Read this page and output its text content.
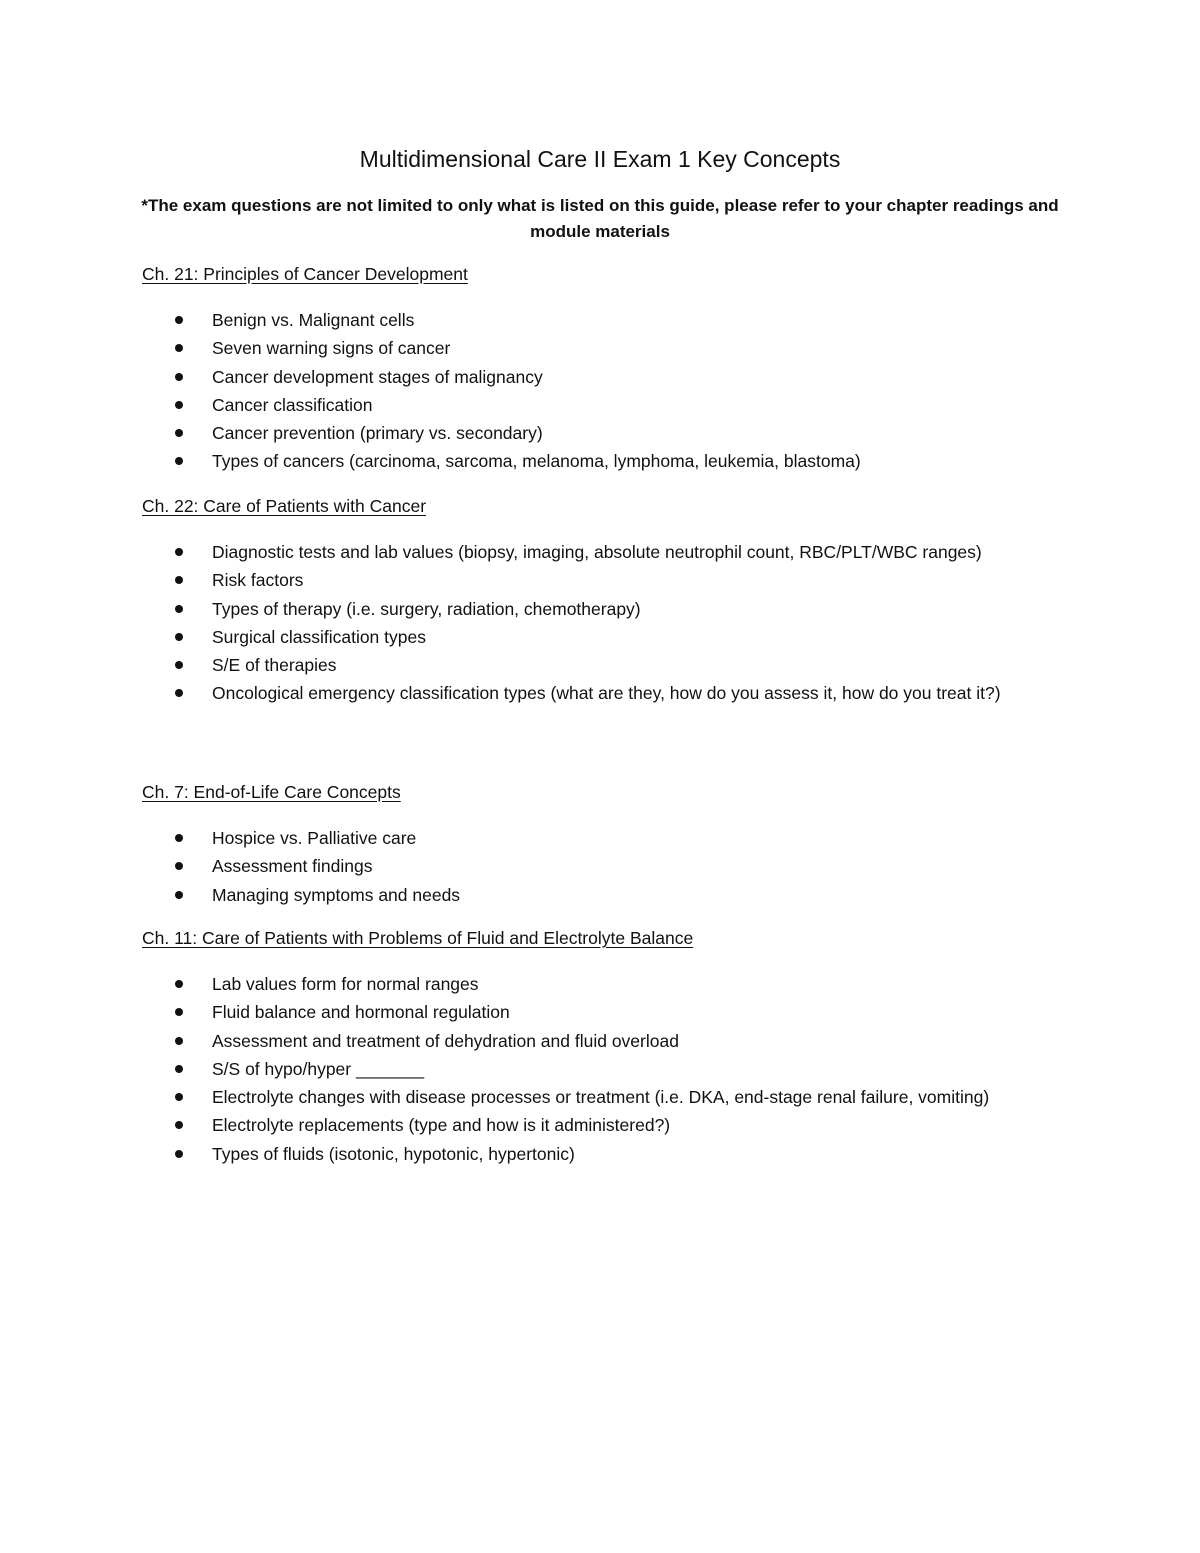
Multidimensional Care II Exam 1 Key Concepts

*The exam questions are not limited to only what is listed on this guide, please refer to your chapter readings and module materials

Ch. 21: Principles of Cancer Development
Benign vs. Malignant cells
Seven warning signs of cancer
Cancer development stages of malignancy
Cancer classification
Cancer prevention (primary vs. secondary)
Types of cancers (carcinoma, sarcoma, melanoma, lymphoma, leukemia, blastoma)
Ch. 22: Care of Patients with Cancer
Diagnostic tests and lab values (biopsy, imaging, absolute neutrophil count, RBC/PLT/WBC ranges)
Risk factors
Types of therapy (i.e. surgery, radiation, chemotherapy)
Surgical classification types
S/E of therapies
Oncological emergency classification types (what are they, how do you assess it, how do you treat it?)
Ch. 7: End-of-Life Care Concepts
Hospice vs. Palliative care
Assessment findings
Managing symptoms and needs
Ch. 11: Care of Patients with Problems of Fluid and Electrolyte Balance
Lab values form for normal ranges
Fluid balance and hormonal regulation
Assessment and treatment of dehydration and fluid overload
S/S of hypo/hyper _______
Electrolyte changes with disease processes or treatment (i.e. DKA, end-stage renal failure, vomiting)
Electrolyte replacements (type and how is it administered?)
Types of fluids (isotonic, hypotonic, hypertonic)
